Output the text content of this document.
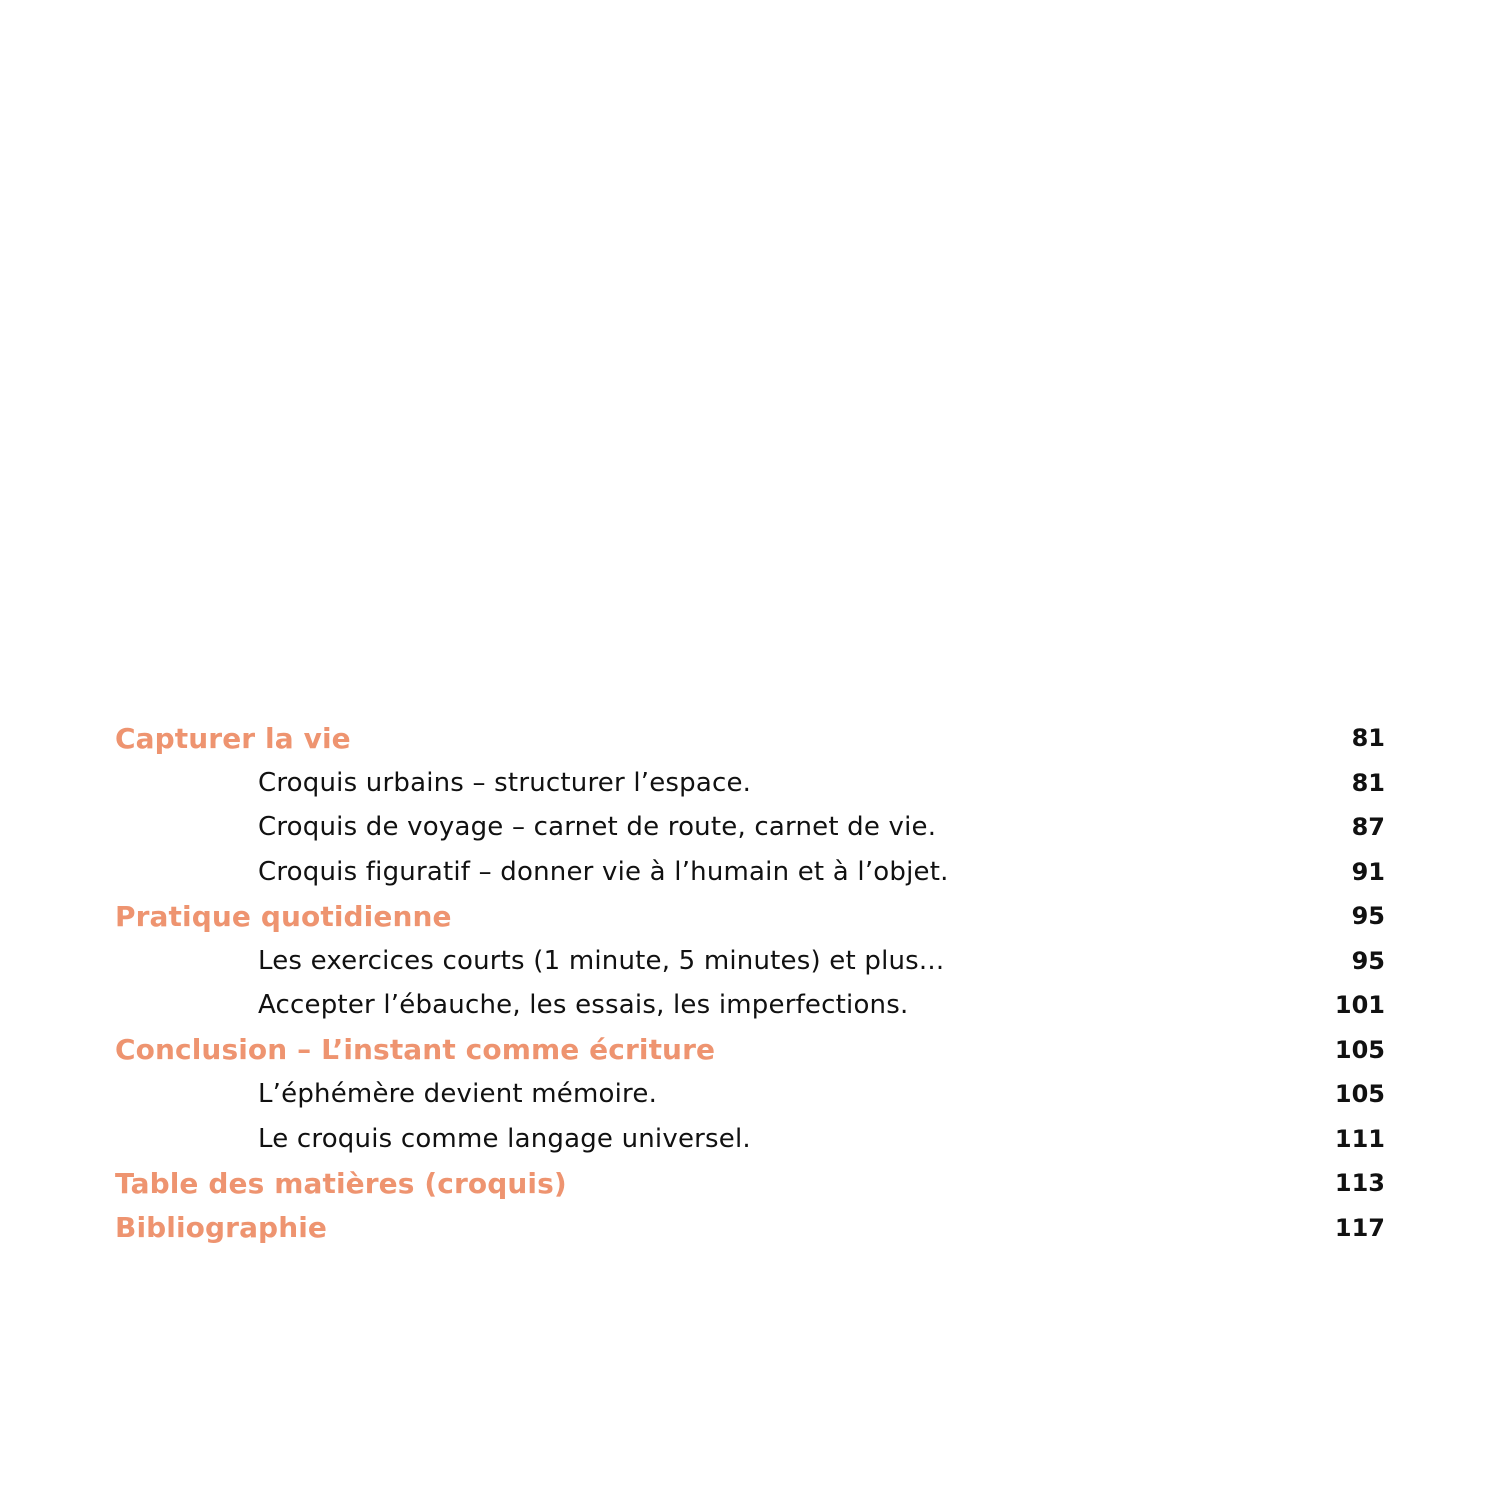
Capturer la vie	81
Croquis urbains – structurer l’espace.	81
Croquis de voyage – carnet de route, carnet de vie.	87
Croquis figuratif – donner vie à l’humain et à l’objet.	91
Pratique quotidienne	95
Les exercices courts (1 minute, 5 minutes) et plus...	95
Accepter l’ébauche, les essais, les imperfections.	101
Conclusion – L’instant comme écriture	105
L’éphémère devient mémoire.	105
Le croquis comme langage universel.	111
Table des matières (croquis)	113
Bibliographie	117
